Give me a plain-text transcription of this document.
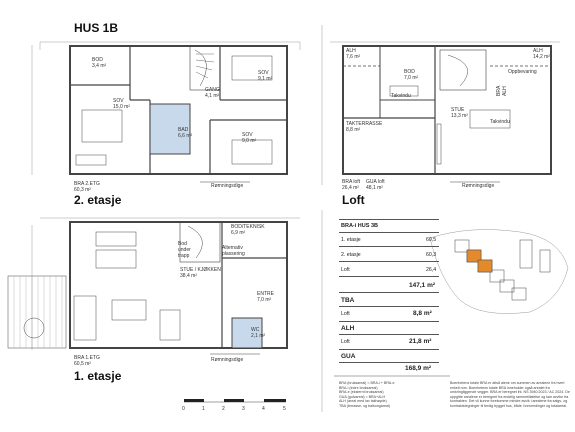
HUS 1B
BOD
3,4 m²
SOV
15,0 m²
GANG
4,1 m²
SOV
9,1 m²
BAD
6,6 m²	SOV
9,0 m²
BRA 2.ETG
60,3 m²
Rømningsdige
2. etasje
ALH
7,6 m²
ALH
14,2 m²
BOD
7,0 m²
TAKTERRASSE
8,8 m²
STUE
13,3 m²
Takvindu
Takvindu
Oppbevaring
BRA ALH
BRA loft
26,4 m²
GUA loft
48,1 m²	Rømningsdige
Loft
STUE / KJØKKEN
38,4 m²
BOD/TEKNISK
6,9 m²
ENTRE
7,0 m²
WC
2,1 m²
Bod
under
trapp
Alternativ
plassering
BRA 1.ETG
60,5 m²
Rømningsdige
1. etasje
0	1	2	3	4	5
BRA-i HUS 3B
1. etasje	60,5
2. etasje	60,3
Loft	26,4
147,1 m²
TBA
Loft	8,8 m²
ALH
Loft	21,8 m²
GUA
168,9 m²
BRA (bruksareal) = BRA-i + BRA-e
BRA-i (indre bruksareal)
BRA-e (eksternt bruksareal)
GUA (gulvareal) = BRA+ALH
ALH (areal med lav takhøyde)
TBA (terrasse- og balkongareal)
Boenhetens totale BRA er altså alene om summen av arealene fra hvert enkelt rom. Boenhetens totale BRA inneholder også arealet fra omkringliggende vegger. BRA er beregnet iht. NS 3940:2023 / AC 2024. De oppgitte arealene er beregnet fra endelig rammetillatelse og kan avvike fra kontrakten. Det vil kunne forekomme mindre avvik i arealene fra salgs- og kontraktstegninger til ferdig bygget hus, både i innvendinger og totalareal.
